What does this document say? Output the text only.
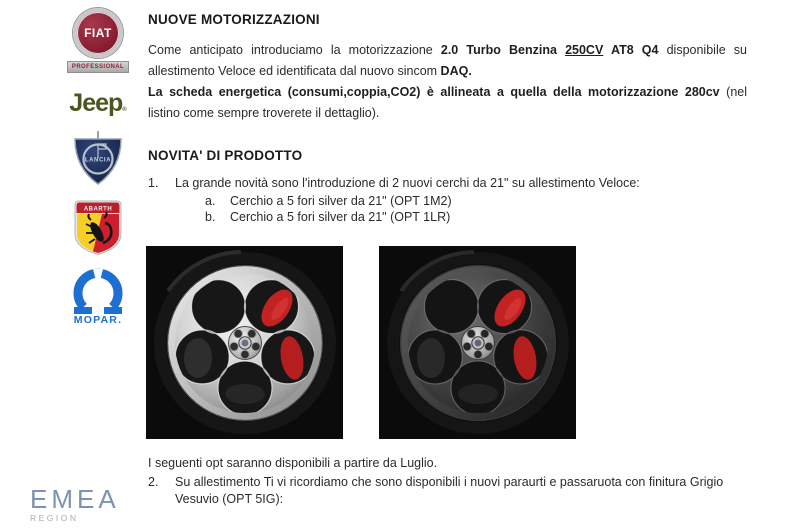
FIAT
PROFESSIONAL
Jeep®
LANCIA
ABARTH
MOPAR.
EMEA
REGION
NUOVE MOTORIZZAZIONI

Come anticipato introduciamo la motorizzazione 2.0 Turbo Benzina 250CV AT8 Q4 disponibile su allestimento Veloce ed identificata dal nuovo sincom DAQ.

La scheda energetica (consumi,coppia,CO2) è allineata a quella della motorizzazione 280cv (nel listino come sempre troverete il dettaglio).

NOVITA' DI PRODOTTO
1. La grande novità sono l'introduzione di 2 nuovi cerchi da 21" su allestimento Veloce:
a. Cerchio a 5 fori silver da 21" (OPT 1M2)
b. Cerchio a 5 fori silver da 21" (OPT 1LR)

I seguenti opt saranno disponibili a partire da Luglio.

2. Su allestimento Ti vi ricordiamo che sono disponibili i nuovi paraurti e passaruota con finitura Grigio Vesuvio (OPT 5IG):
